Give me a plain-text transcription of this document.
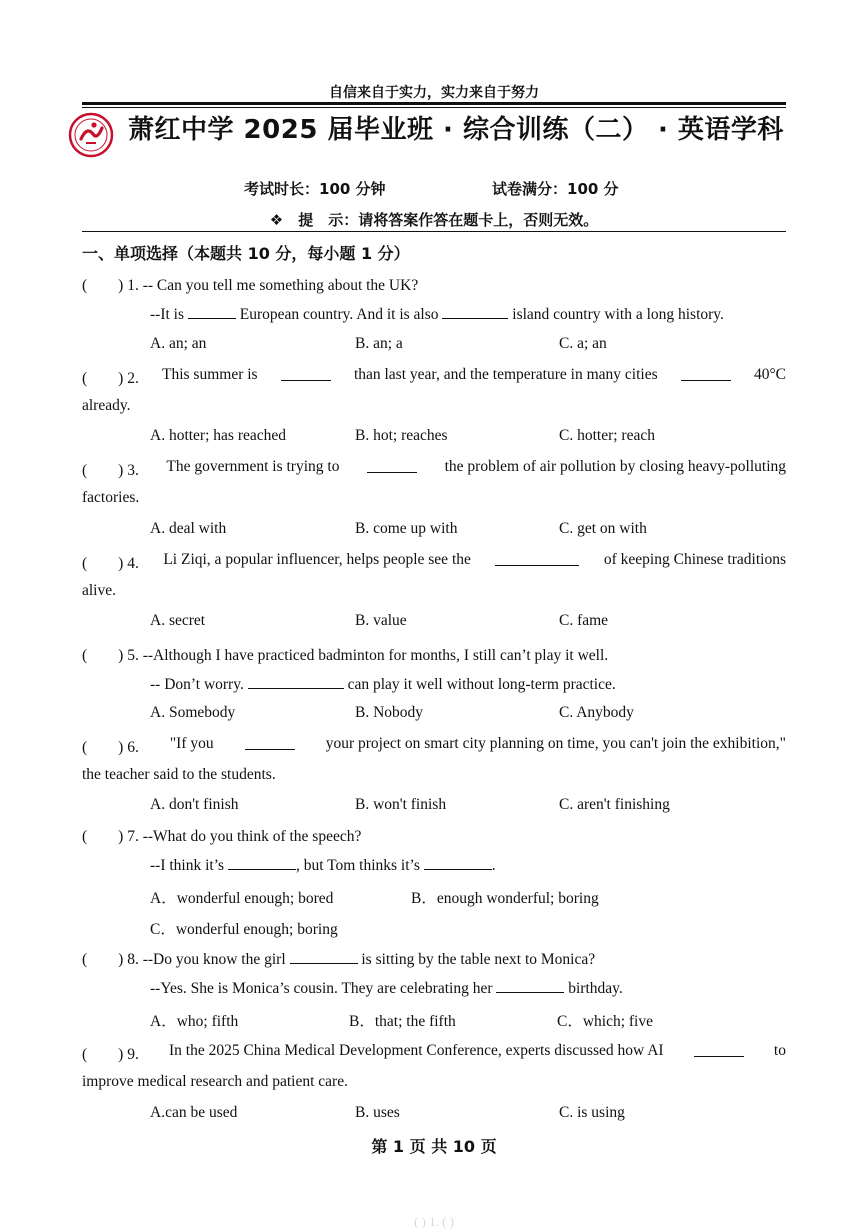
自信来自于实力，实力来自于努力
萧红中学 2025 届毕业班 · 综合训练（二） · 英语学科
考试时长：100 分钟	试卷满分：100 分
❖　提　示：请将答案作答在题卡上，否则无效。
一、单项选择（本题共 10 分，每小题 1 分）
(　　) 1. -- Can you tell me something about the UK?
--It is	European country. And it is also	island country with a long history.
A. an; an	B. an; a	C. a; an
(　　) 2. This summer is	than last year, and the temperature in many cities	40°C
already.
A. hotter; has reached	B. hot; reaches	C. hotter; reach
(　　) 3. The government is trying to	the problem of air pollution by closing heavy-polluting
factories.
A. deal with	B. come up with	C. get on with
(　　) 4. Li Ziqi, a popular influencer, helps people see the	of keeping Chinese traditions
alive.
A. secret	B. value	C. fame
(　　) 5. --Although I have practiced badminton for months, I still can’t play it well.
-- Don’t worry.	can play it well without long-term practice.
A. Somebody	B. Nobody	C. Anybody
(　　) 6. "If you	your project on smart city planning on time, you can't join the exhibition,"
the teacher said to the students.
A. don't finish	B. won't finish	C. aren't finishing
(　　) 7. --What do you think of the speech?
--I think it’s	, but Tom thinks it’s	.
A．wonderful enough; bored	B．enough wonderful; boring
C．wonderful enough; boring
(　　) 8. --Do you know the girl	is sitting by the table next to Monica?
--Yes. She is Monica’s cousin. They are celebrating her	birthday.
A．who; fifth	B．that; the fifth	C．which; five
(　　) 9. In the 2025 China Medical Development Conference, experts discussed how AI	to
improve medical research and patient care.
A.can be used	B. uses	C. is using
第 1 页 共 10 页
( ) 1. ( )
